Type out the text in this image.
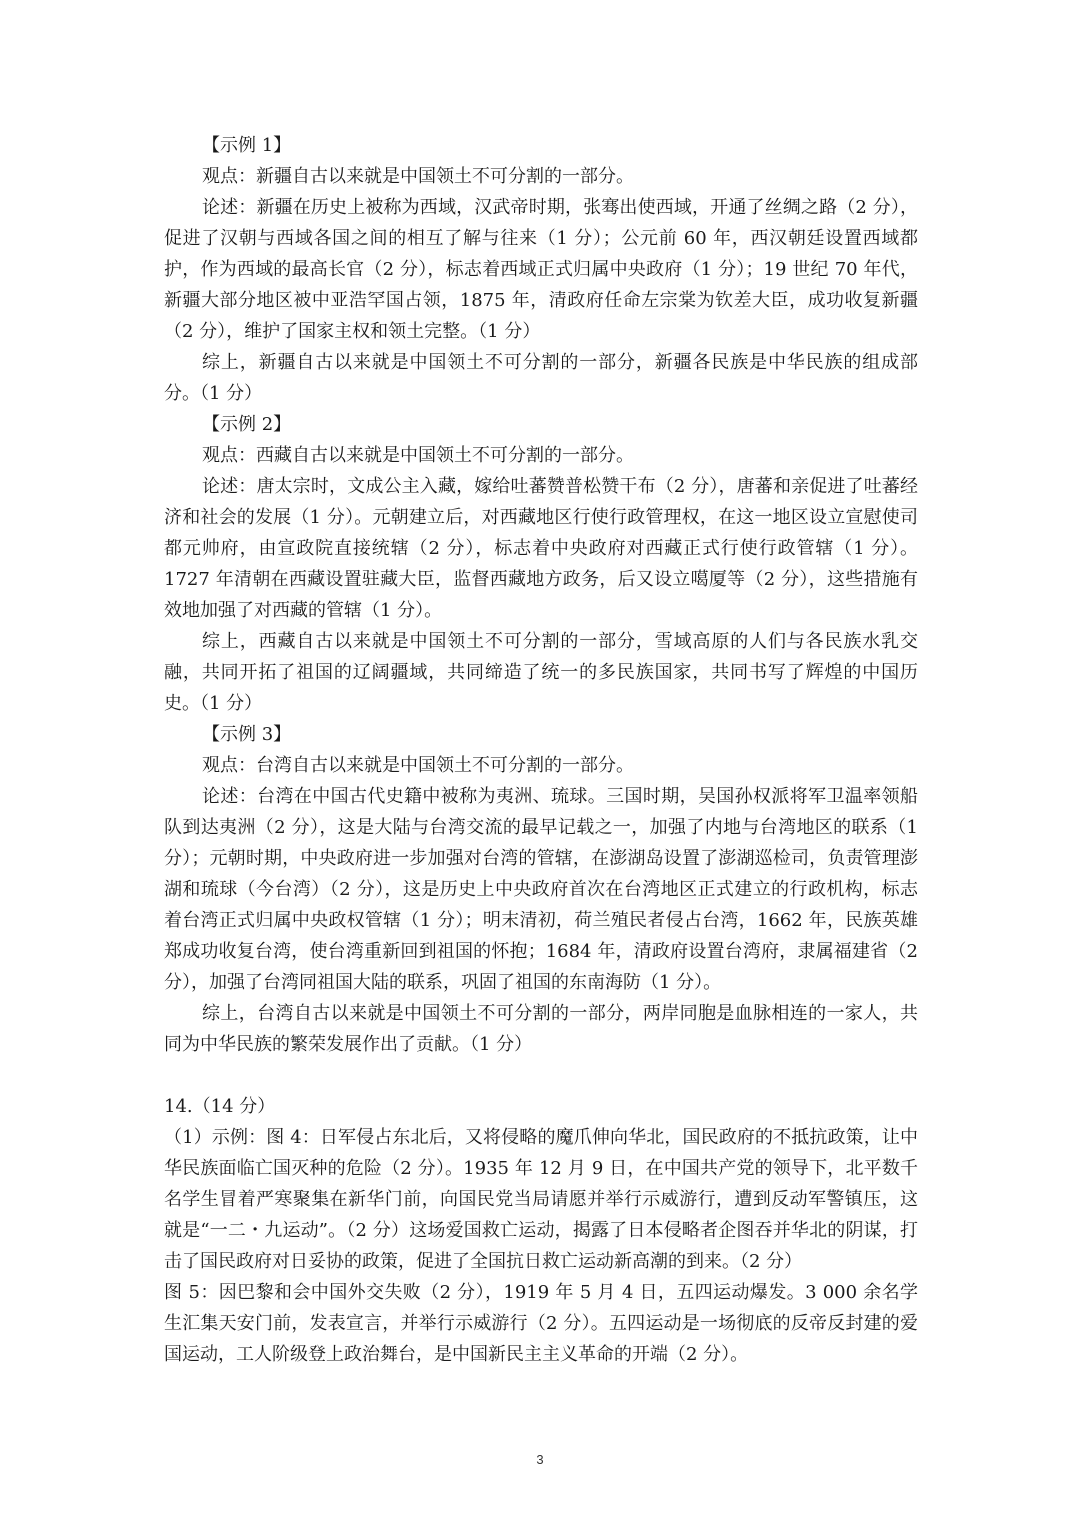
【示例 1】

观点：新疆自古以来就是中国领土不可分割的一部分。

论述：新疆在历史上被称为西域，汉武帝时期，张骞出使西域，开通了丝绸之路（2 分），促进了汉朝与西域各国之间的相互了解与往来（1 分）；公元前 60 年，西汉朝廷设置西域都护，作为西域的最高长官（2 分），标志着西域正式归属中央政府（1 分）；19 世纪 70 年代，新疆大部分地区被中亚浩罕国占领，1875 年，清政府任命左宗棠为钦差大臣，成功收复新疆（2 分），维护了国家主权和领土完整。（1 分）

综上，新疆自古以来就是中国领土不可分割的一部分，新疆各民族是中华民族的组成部分。（1 分）

【示例 2】

观点：西藏自古以来就是中国领土不可分割的一部分。

论述：唐太宗时，文成公主入藏，嫁给吐蕃赞普松赞干布（2 分），唐蕃和亲促进了吐蕃经济和社会的发展（1 分）。元朝建立后，对西藏地区行使行政管理权，在这一地区设立宣慰使司都元帅府，由宣政院直接统辖（2 分），标志着中央政府对西藏正式行使行政管辖（1 分）。1727 年清朝在西藏设置驻藏大臣，监督西藏地方政务，后又设立噶厦等（2 分），这些措施有效地加强了对西藏的管辖（1 分）。

综上，西藏自古以来就是中国领土不可分割的一部分，雪域高原的人们与各民族水乳交融，共同开拓了祖国的辽阔疆域，共同缔造了统一的多民族国家，共同书写了辉煌的中国历史。（1 分）

【示例 3】

观点：台湾自古以来就是中国领土不可分割的一部分。

论述：台湾在中国古代史籍中被称为夷洲、琉球。三国时期，吴国孙权派将军卫温率领船队到达夷洲（2 分），这是大陆与台湾交流的最早记载之一，加强了内地与台湾地区的联系（1 分）；元朝时期，中央政府进一步加强对台湾的管辖，在澎湖岛设置了澎湖巡检司，负责管理澎湖和琉球（今台湾）（2 分），这是历史上中央政府首次在台湾地区正式建立的行政机构，标志着台湾正式归属中央政权管辖（1 分）；明末清初，荷兰殖民者侵占台湾，1662 年，民族英雄郑成功收复台湾，使台湾重新回到祖国的怀抱；1684 年，清政府设置台湾府，隶属福建省（2 分），加强了台湾同祖国大陆的联系，巩固了祖国的东南海防（1 分）。

综上，台湾自古以来就是中国领土不可分割的一部分，两岸同胞是血脉相连的一家人，共同为中华民族的繁荣发展作出了贡献。（1 分）

14.（14 分）

（1）示例：图 4：日军侵占东北后，又将侵略的魔爪伸向华北，国民政府的不抵抗政策，让中华民族面临亡国灭种的危险（2 分）。1935 年 12 月 9 日，在中国共产党的领导下，北平数千名学生冒着严寒聚集在新华门前，向国民党当局请愿并举行示威游行，遭到反动军警镇压，这就是“一二・九运动”。（2 分）这场爱国救亡运动，揭露了日本侵略者企图吞并华北的阴谋，打击了国民政府对日妥协的政策，促进了全国抗日救亡运动新高潮的到来。（2 分）

图 5：因巴黎和会中国外交失败（2 分），1919 年 5 月 4 日，五四运动爆发。3 000 余名学生汇集天安门前，发表宣言，并举行示威游行（2 分）。五四运动是一场彻底的反帝反封建的爱国运动，工人阶级登上政治舞台，是中国新民主主义革命的开端（2 分）。

3
